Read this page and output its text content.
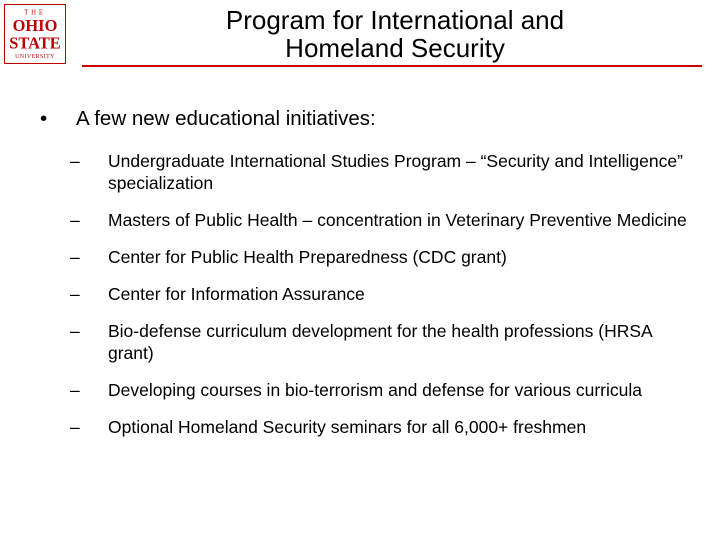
THE
OHIO
STATE
UNIVERSITY
Program for International and
Homeland Security
•	A few new educational initiatives:
–	Undergraduate International Studies Program – “Security and Intelligence” specialization
–	Masters of Public Health – concentration in Veterinary Preventive Medicine
–	Center for Public Health Preparedness (CDC grant)
–	Center for Information Assurance
–	Bio-defense curriculum development for the health professions (HRSA grant)
–	Developing courses in bio-terrorism and defense for various curricula
–	Optional Homeland Security seminars for all 6,000+ freshmen
